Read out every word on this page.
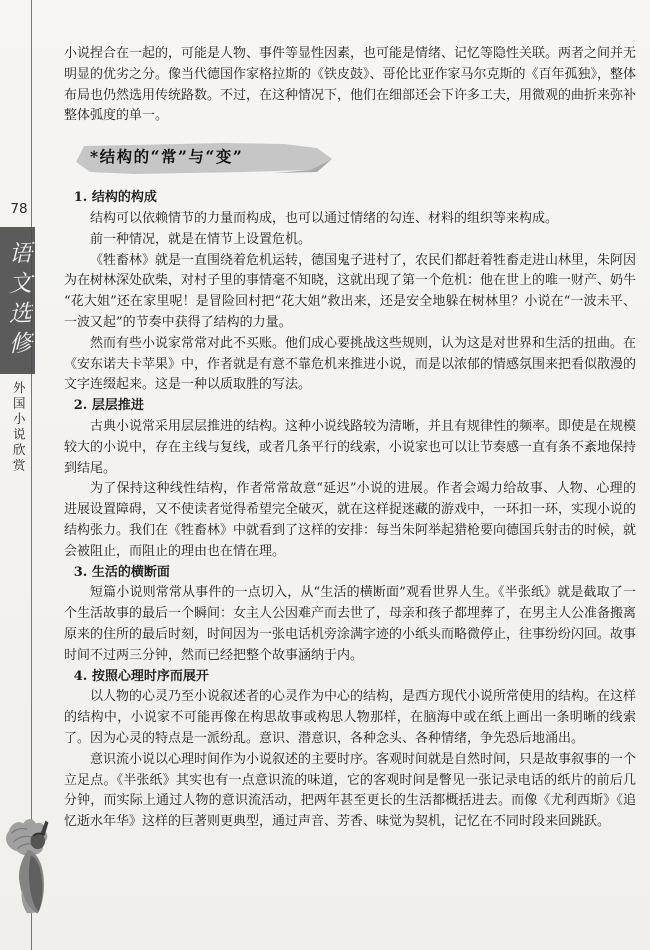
78
语文选修
外国小说欣赏

小说捏合在一起的，可能是人物、事件等显性因素，也可能是情绪、记忆等隐性关联。两者之间并无明显的优劣之分。像当代德国作家格拉斯的《铁皮鼓》、哥伦比亚作家马尔克斯的《百年孤独》，整体布局也仍然选用传统路数。不过，在这种情况下，他们在细部还会下许多工夫，用微观的曲折来弥补整体弧度的单一。

*结构的“常”与“变”
1. 结构的构成

结构可以依赖情节的力量而构成，也可以通过情绪的勾连、材料的组织等来构成。

前一种情况，就是在情节上设置危机。

《牲畜林》就是一直围绕着危机运转，德国鬼子进村了，农民们都赶着牲畜走进山林里，朱阿因为在树林深处砍柴，对村子里的事情毫不知晓，这就出现了第一个危机：他在世上的唯一财产、奶牛“花大姐”还在家里呢！是冒险回村把“花大姐”救出来，还是安全地躲在树林里？小说在“一波未平、一波又起”的节奏中获得了结构的力量。

然而有些小说家常常对此不买账。他们成心要挑战这些规则，认为这是对世界和生活的扭曲。在《安东诺夫卡苹果》中，作者就是有意不靠危机来推进小说，而是以浓郁的情感氛围来把看似散漫的文字连缀起来。这是一种以质取胜的写法。

2. 层层推进

古典小说常采用层层推进的结构。这种小说线路较为清晰，并且有规律性的频率。即使是在规模较大的小说中，存在主线与复线，或者几条平行的线索，小说家也可以让节奏感一直有条不紊地保持到结尾。

为了保持这种线性结构，作者常常故意“延迟”小说的进展。作者会竭力给故事、人物、心理的进展设置障碍，又不使读者觉得希望完全破灭，就在这样捉迷藏的游戏中，一环扣一环，实现小说的结构张力。我们在《牲畜林》中就看到了这样的安排：每当朱阿举起猎枪要向德国兵射击的时候，就会被阻止，而阻止的理由也在情在理。

3. 生活的横断面

短篇小说则常常从事件的一点切入，从“生活的横断面”观看世界人生。《半张纸》就是截取了一个生活故事的最后一个瞬间：女主人公因难产而去世了，母亲和孩子都埋葬了，在男主人公准备搬离原来的住所的最后时刻，时间因为一张电话机旁涂满字迹的小纸头而略微停止，往事纷纷闪回。故事时间不过两三分钟，然而已经把整个故事涵纳于内。

4. 按照心理时序而展开

以人物的心灵乃至小说叙述者的心灵作为中心的结构，是西方现代小说所常使用的结构。在这样的结构中，小说家不可能再像在构思故事或构思人物那样，在脑海中或在纸上画出一条明晰的线索了。因为心灵的特点是一派纷乱。意识、潜意识，各种念头、各种情绪，争先恐后地涌出。

意识流小说以心理时间作为小说叙述的主要时序。客观时间就是自然时间，只是故事叙事的一个立足点。《半张纸》其实也有一点意识流的味道，它的客观时间是瞥见一张记录电话的纸片的前后几分钟，而实际上通过人物的意识流活动，把两年甚至更长的生活都概括进去。而像《尤利西斯》《追忆逝水年华》这样的巨著则更典型，通过声音、芳香、味觉为契机，记忆在不同时段来回跳跃。
